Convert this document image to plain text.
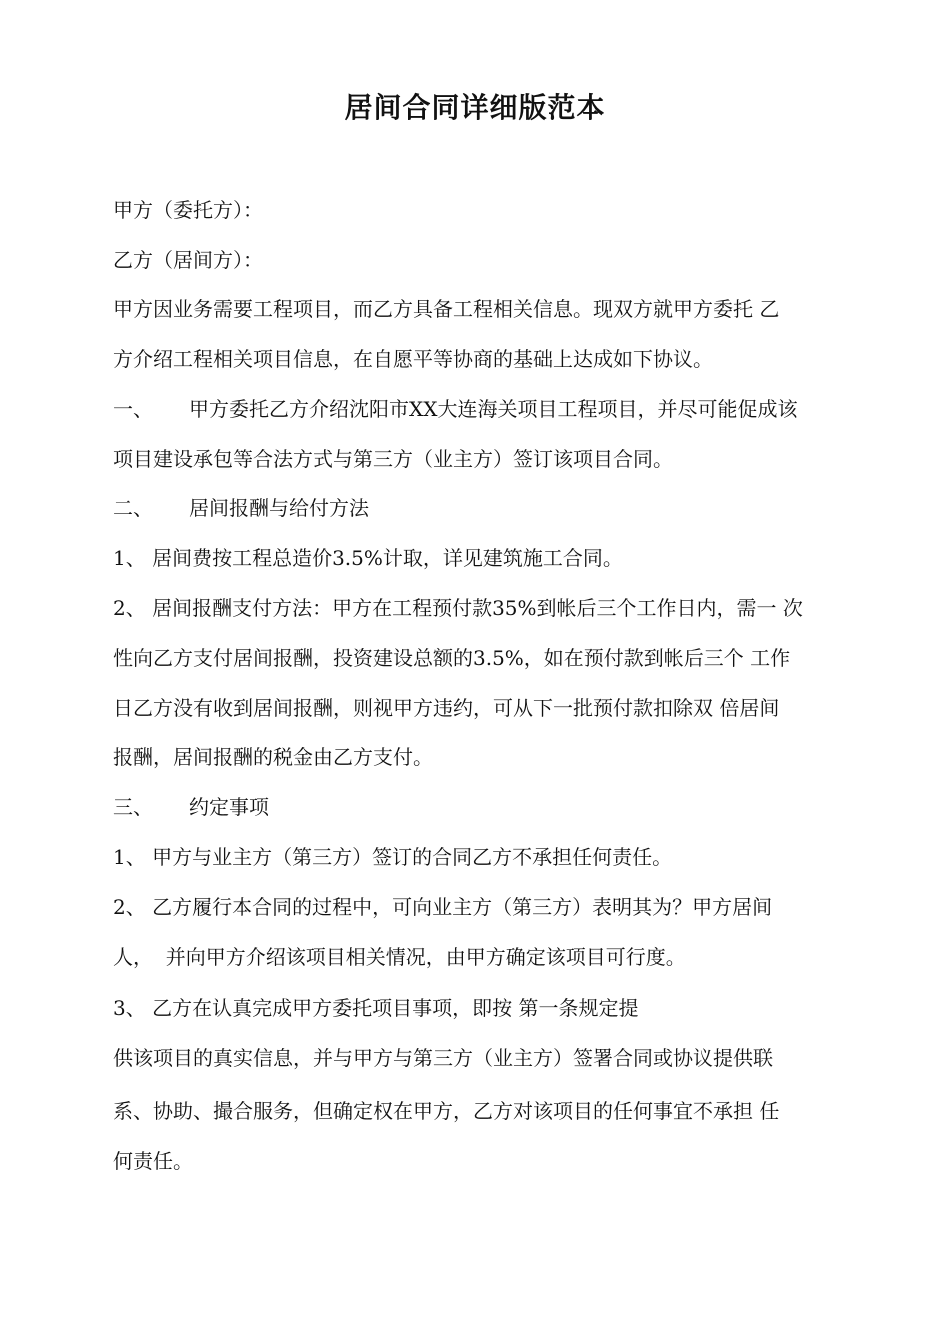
居间合同详细版范本
甲方（委托方）：
乙方（居间方）：
甲方因业务需要工程项目，而乙方具备工程相关信息。现双方就甲方委托 乙
方介绍工程相关项目信息，在自愿平等协商的基础上达成如下协议。
一、 甲方委托乙方介绍沈阳市XX大连海关项目工程项目，并尽可能促成该
项目建设承包等合法方式与第三方（业主方）签订该项目合同。
二、 居间报酬与给付方法
1、 居间费按工程总造价3.5%计取，详见建筑施工合同。
2、 居间报酬支付方法：甲方在工程预付款35%到帐后三个工作日内，需一 次
性向乙方支付居间报酬，投资建设总额的3.5%，如在预付款到帐后三个 工作
日乙方没有收到居间报酬，则视甲方违约，可从下一批预付款扣除双 倍居间
报酬，居间报酬的税金由乙方支付。
三、 约定事项
1、 甲方与业主方（第三方）签订的合同乙方不承担任何责任。
2、 乙方履行本合同的过程中，可向业主方（第三方）表明其为？甲方居间
人，  并向甲方介绍该项目相关情况，由甲方确定该项目可行度。
3、 乙方在认真完成甲方委托项目事项，即按 第一条规定提
供该项目的真实信息，并与甲方与第三方（业主方）签署合同或协议提供联
系、协助、撮合服务，但确定权在甲方，乙方对该项目的任何事宜不承担 任
何责任。
